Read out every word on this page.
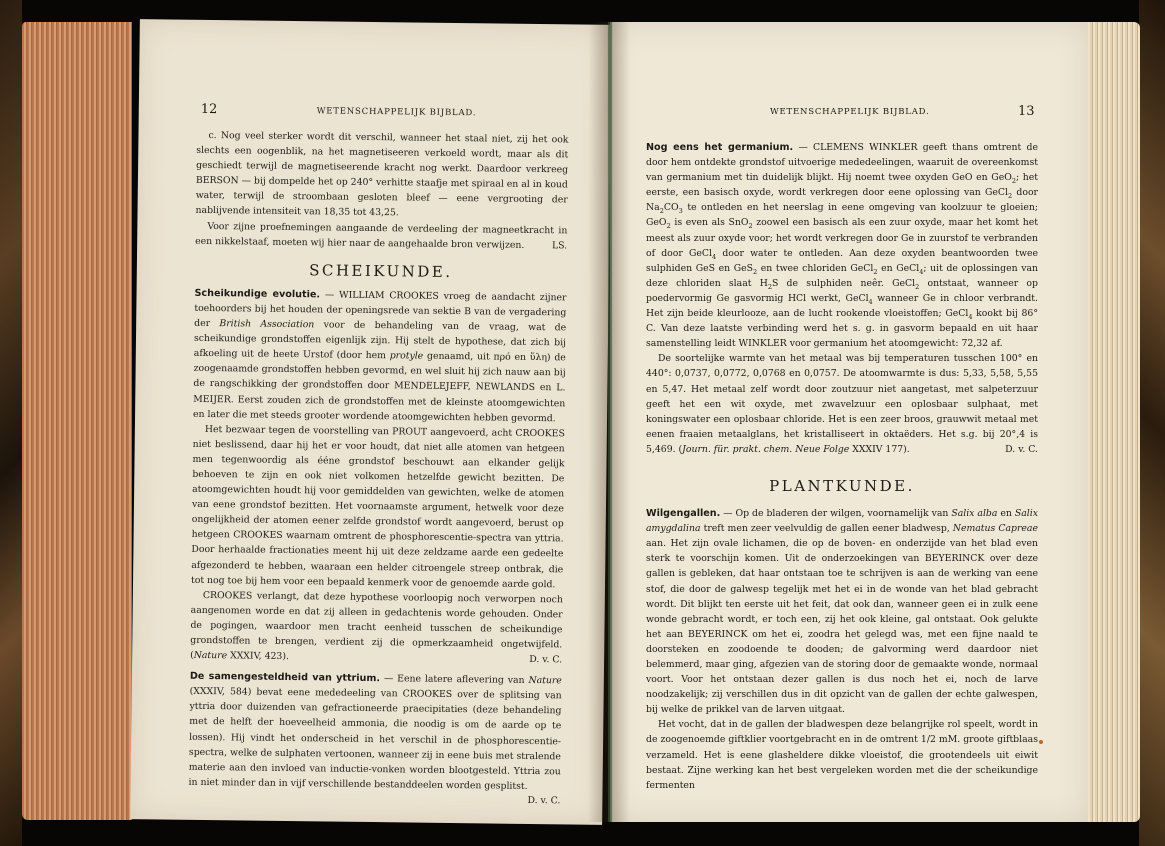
12	WETENSCHAPPELIJK BIJBLAD.

c. Nog veel sterker wordt dit verschil, wanneer het staal niet, zij het ook slechts een oogenblik, na het magnetiseeren verkoeld wordt, maar als dit geschiedt terwijl de magnetiseerende kracht nog werkt. Daardoor verkreeg BERSON — bij dompelde het op 240° verhitte staafje met spiraal en al in koud water, terwijl de stroombaan gesloten bleef — eene vergrooting der nablijvende intensiteit van 18,35 tot 43,25.

Voor zijne proefnemingen aangaande de verdeeling der magneetkracht in een nikkelstaaf, moeten wij hier naar de aangehaalde bron verwijzen.	LS.

SCHEIKUNDE.

Scheikundige evolutie. — WILLIAM CROOKES vroeg de aandacht zijner toehoorders bij het houden der openingsrede van sektie B van de vergadering der British Association voor de behandeling van de vraag, wat de scheikundige grondstoffen eigenlijk zijn. Hij stelt de hypothese, dat zich bij afkoeling uit de heete Urstof (door hem protyle genaamd, uit πρό en ὕλη) de zoogenaamde grondstoffen hebben gevormd, en wel sluit hij zich nauw aan bij de rangschikking der grondstoffen door MENDELEJEFF, NEWLANDS en L. MEIJER. Eerst zouden zich de grondstoffen met de kleinste atoomgewichten en later die met steeds grooter wordende atoomgewichten hebben gevormd.

Het bezwaar tegen de voorstelling van PROUT aangevoerd, acht CROOKES niet beslissend, daar hij het er voor houdt, dat niet alle atomen van hetgeen men tegenwoordig als ééne grondstof beschouwt aan elkander gelijk behoeven te zijn en ook niet volkomen hetzelfde gewicht bezitten. De atoomgewichten houdt hij voor gemiddelden van gewichten, welke de atomen van eene grondstof bezitten. Het voornaamste argument, hetwelk voor deze ongelijkheid der atomen eener zelfde grondstof wordt aangevoerd, berust op hetgeen CROOKES waarnam omtrent de phosphorescentie-spectra van yttria. Door herhaalde fractionaties meent hij uit deze zeldzame aarde een gedeelte afgezonderd te hebben, waaraan een helder citroengele streep ontbrak, die tot nog toe bij hem voor een bepaald kenmerk voor de genoemde aarde gold.

CROOKES verlangt, dat deze hypothese voorloopig noch verworpen noch aangenomen worde en dat zij alleen in gedachtenis worde gehouden. Onder de pogingen, waardoor men tracht eenheid tusschen de scheikundige grondstoffen te brengen, verdient zij die opmerkzaamheid ongetwijfeld. (Nature XXXIV, 423).	D. v. C.

De samengesteldheid van yttrium. — Eene latere aflevering van Nature (XXXIV, 584) bevat eene mededeeling van CROOKES over de splitsing van yttria door duizenden van gefractioneerde praecipitaties (deze behandeling met de helft der hoeveelheid ammonia, die noodig is om de aarde op te lossen). Hij vindt het onderscheid in het verschil in de phosphorescentie-spectra, welke de sulphaten vertoonen, wanneer zij in eene buis met stralende materie aan den invloed van inductie-vonken worden blootgesteld. Yttria zou in niet minder dan in vijf verschillende bestanddeelen worden gesplitst.

D. v. C.
WETENSCHAPPELIJK BIJBLAD.	13

Nog eens het germanium. — CLEMENS WINKLER geeft thans omtrent de door hem ontdekte grondstof uitvoerige mededeelingen, waaruit de overeenkomst van germanium met tin duidelijk blijkt. Hij noemt twee oxyden GeO en GeO$_2$; het eerste, een basisch oxyde, wordt verkregen door eene oplossing van GeCl$_2$ door $Na_2CO_3$ te ontleden en het neerslag in eene omgeving van koolzuur te gloeien; GeO$_2$ is even als SnO$_2$ zoowel een basisch als een zuur oxyde, maar het komt het meest als zuur oxyde voor; het wordt verkregen door Ge in zuurstof te verbranden of door GeCl$_4$ door water te ontleden. Aan deze oxyden beantwoorden twee sulphiden GeS en GeS$_2$ en twee chloriden GeCl$_2$ en GeCl$_4$; uit de oplossingen van deze chloriden slaat $H_2S$ de sulphiden neêr. GeCl$_2$ ontstaat, wanneer op poedervormig Ge gasvormig HCl werkt, GeCl$_4$ wanneer Ge in chloor verbrandt. Het zijn beide kleurlooze, aan de lucht rookende vloeistoffen; GeCl$_4$ kookt bij 86° C. Van deze laatste verbinding werd het s. g. in gasvorm bepaald en uit haar samenstelling leidt WINKLER voor germanium het atoomgewicht: 72,32 af.

De soortelijke warmte van het metaal was bij temperaturen tusschen 100° en 440°: 0,0737, 0,0772, 0,0768 en 0,0757. De atoomwarmte is dus: 5,33, 5,58, 5,55 en 5,47. Het metaal zelf wordt door zoutzuur niet aangetast, met salpeterzuur geeft het een wit oxyde, met zwavelzuur een oplosbaar sulphaat, met koningswater een oplosbaar chloride. Het is een zeer broos, grauwwit metaal met eenen fraaien metaalglans, het kristalliseert in oktaëders. Het s.g. bij 20°,4 is 5,469. (Journ. für. prakt. chem. Neue Folge XXXIV 177).	D. v. C.

PLANTKUNDE.

Wilgengallen. — Op de bladeren der wilgen, voornamelijk van Salix alba en Salix amygdalina treft men zeer veelvuldig de gallen eener bladwesp, Nematus Capreae aan. Het zijn ovale lichamen, die op de boven- en onderzijde van het blad even sterk te voorschijn komen. Uit de onderzoekingen van BEYERINCK over deze gallen is gebleken, dat haar ontstaan toe te schrijven is aan de werking van eene stof, die door de galwesp tegelijk met het ei in de wonde van het blad gebracht wordt. Dit blijkt ten eerste uit het feit, dat ook dan, wanneer geen ei in zulk eene wonde gebracht wordt, er toch een, zij het ook kleine, gal ontstaat. Ook gelukte het aan BEYERINCK om het ei, zoodra het gelegd was, met een fijne naald te doorsteken en zoodoende te dooden; de galvorming werd daardoor niet belemmerd, maar ging, afgezien van de storing door de gemaakte wonde, normaal voort. Voor het ontstaan dezer gallen is dus noch het ei, noch de larve noodzakelijk; zij verschillen dus in dit opzicht van de gallen der echte galwespen, bij welke de prikkel van de larven uitgaat.

Het vocht, dat in de gallen der bladwespen deze belangrijke rol speelt, wordt in de zoogenoemde giftklier voortgebracht en in de omtrent 1/2 mM. groote giftblaas verzameld. Het is eene glasheldere dikke vloeistof, die grootendeels uit eiwit bestaat. Zijne werking kan het best vergeleken worden met die der scheikundige fermenten
